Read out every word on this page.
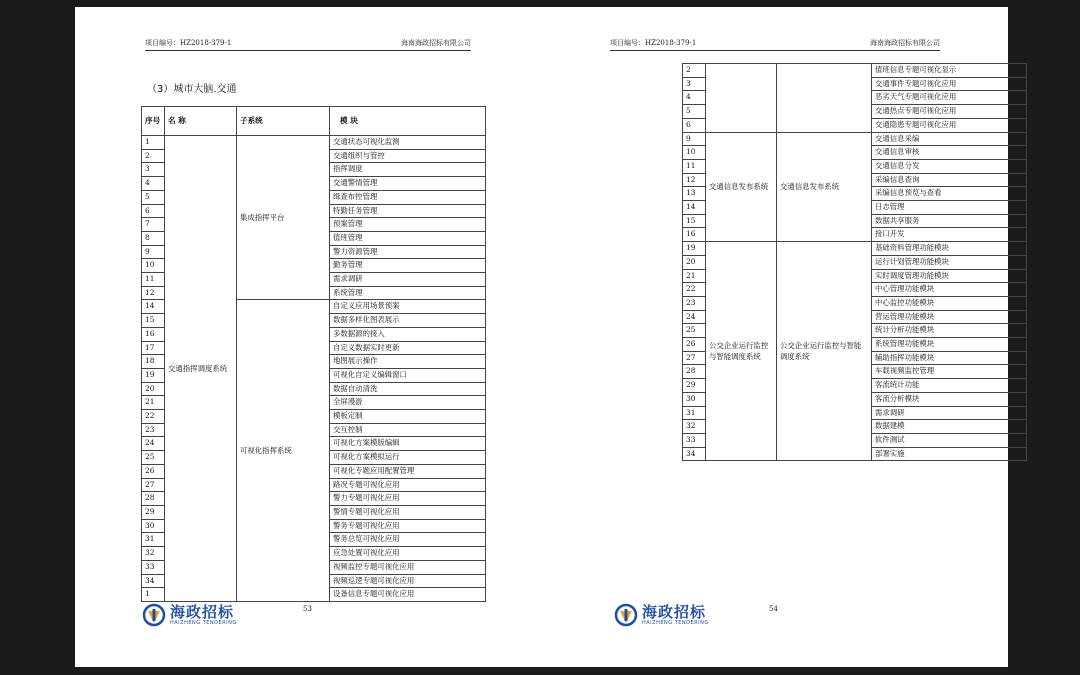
项目编号：HZ2018-379-1	海南海政招标有限公司
（3）城市大脑.交通
序号	名 称	子系统	模 块
1	交通指挥调度系统	集成指挥平台	交通状态可视化监测
2			交通组织与管控
3			指挥调度
4			交通警情管理
5			缉查布控管理
6			特勤任务管理
7			预案管理
8			值班管理
9			警力资源管理
10			勤务管理
11			需求调研
12			系统管理
14		可视化指挥系统	自定义应用场景预案
15			数据多样化图表展示
16			多数据源的接入
17			自定义数据实时更新
18			地图展示操作
19			可视化自定义编辑窗口
20			数据自动清洗
21			全屏漫游
22			模板定制
23			交互控制
24			可视化方案模版编辑
25			可视化方案模拟运行
26			可视化专题应用配置管理
27			路况专题可视化应用
28			警力专题可视化应用
29			警情专题可视化应用
30			警务专题可视化应用
31			警务总览可视化应用
32			应急处置可视化应用
33			视频监控专题可视化应用
34			视频巡逻专题可视化应用
1			设备信息专题可视化应用
海政招标
HAIZHENG TENDERING
53
项目编号：HZ2018-379-1	海南海政招标有限公司
2			值班信息专题可视化显示
3			交通事件专题可视化应用
4			恶劣天气专题可视化应用
5			交通热点专题可视化应用
6			交通隐患专题可视化应用
9	交通信息发布系统	交通信息发布系统	交通信息采编
10			交通信息审核
11			交通信息分发
12			采编信息查询
13			采编信息预览与查看
14			日志管理
15			数据共享服务
16			接口开发
19	公交企业运行监控与智能调度系统	公交企业运行监控与智能调度系统	基础资料管理功能模块
20			运行计划管理功能模块
21			实时调度管理功能模块
22			中心管理功能模块
23			中心监控功能模块
24			营运管理功能模块
25			统计分析功能模块
26			系统管理功能模块
27			辅助指挥功能模块
28			车载视频监控管理
29			客流统计功能
30			客流分析模块
31			需求调研
32			数据建模
33			软件测试
34			部署实施
海政招标
HAIZHENG TENDERING
54
